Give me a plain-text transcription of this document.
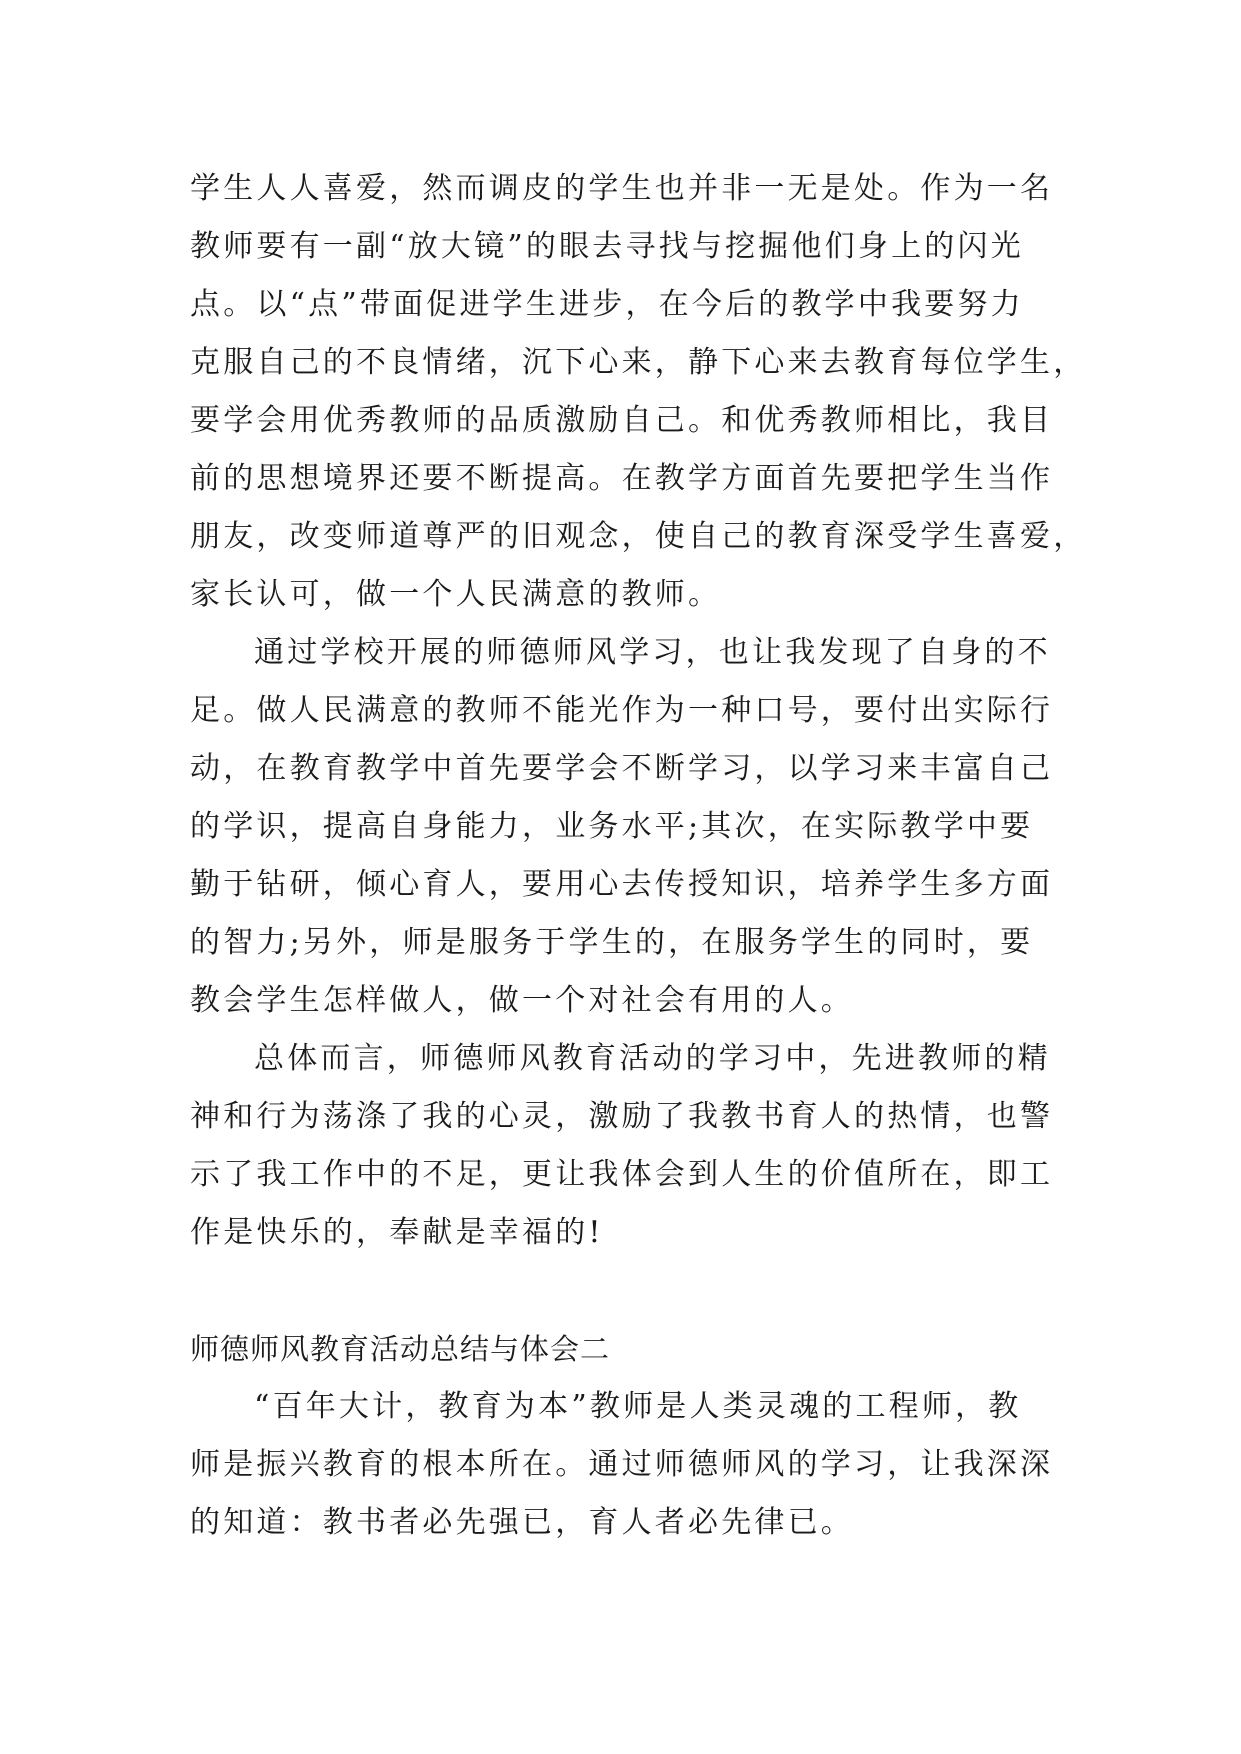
学生人人喜爱，然而调皮的学生也并非一无是处。作为一名
教师要有一副“放大镜”的眼去寻找与挖掘他们身上的闪光
点。以“点”带面促进学生进步，在今后的教学中我要努力
克服自己的不良情绪，沉下心来，静下心来去教育每位学生，
要学会用优秀教师的品质激励自己。和优秀教师相比，我目
前的思想境界还要不断提高。在教学方面首先要把学生当作
朋友，改变师道尊严的旧观念，使自己的教育深受学生喜爱，
家长认可，做一个人民满意的教师。
通过学校开展的师德师风学习，也让我发现了自身的不
足。做人民满意的教师不能光作为一种口号，要付出实际行
动，在教育教学中首先要学会不断学习，以学习来丰富自己
的学识，提高自身能力，业务水平;其次，在实际教学中要
勤于钻研，倾心育人，要用心去传授知识，培养学生多方面
的智力;另外，师是服务于学生的，在服务学生的同时，要
教会学生怎样做人，做一个对社会有用的人。
总体而言，师德师风教育活动的学习中，先进教师的精
神和行为荡涤了我的心灵，激励了我教书育人的热情，也警
示了我工作中的不足，更让我体会到人生的价值所在，即工
作是快乐的，奉献是幸福的!
师德师风教育活动总结与体会二
“百年大计，教育为本”教师是人类灵魂的工程师，教
师是振兴教育的根本所在。通过师德师风的学习，让我深深
的知道：教书者必先强已，育人者必先律已。
